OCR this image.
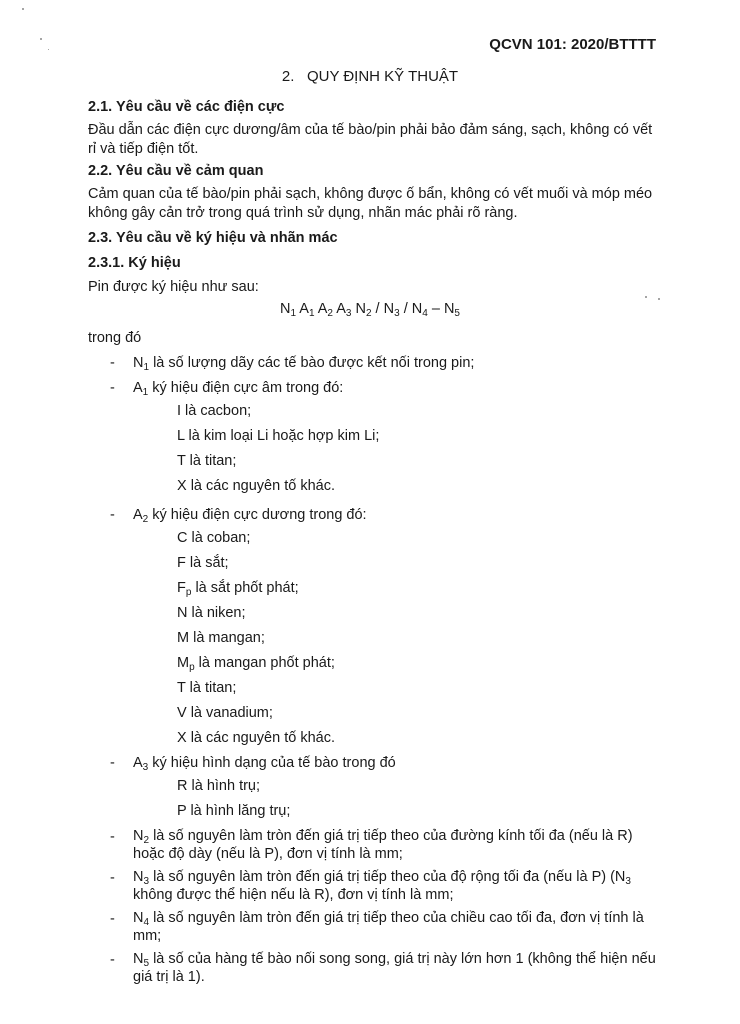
QCVN 101: 2020/BTTTT
2. QUY ĐỊNH KỸ THUẬT
2.1. Yêu cầu về các điện cực
Đầu dẫn các điện cực dương/âm của tế bào/pin phải bảo đảm sáng, sạch, không có vết rỉ và tiếp điện tốt.
2.2. Yêu cầu về cảm quan
Cảm quan của tế bào/pin phải sạch, không được ố bẩn, không có vết muối và móp méo không gây cản trở trong quá trình sử dụng, nhãn mác phải rõ ràng.
2.3. Yêu cầu về ký hiệu và nhãn mác
2.3.1. Ký hiệu
Pin được ký hiệu như sau:
$N_1$ $A_1$ $A_2$ $A_3$ $N_2 / N_3 / N_4 - N_5$
trong đó
- $N_1$ là số lượng dãy các tế bào được kết nối trong pin;
- $A_1$ ký hiệu điện cực âm trong đó:
I là cacbon;
L là kim loại Li hoặc hợp kim Li;
T là titan;
X là các nguyên tố khác.
- $A_2$ ký hiệu điện cực dương trong đó:
C là coban;
F là sắt;
$F_p$ là sắt phốt phát;
N là niken;
M là mangan;
$M_p$ là mangan phốt phát;
T là titan;
V là vanadium;
X là các nguyên tố khác.
- $A_3$ ký hiệu hình dạng của tế bào trong đó
R là hình trụ;
P là hình lăng trụ;
- $N_2$ là số nguyên làm tròn đến giá trị tiếp theo của đường kính tối đa (nếu là R) hoặc độ dày (nếu là P), đơn vị tính là mm;
- $N_3$ là số nguyên làm tròn đến giá trị tiếp theo của độ rộng tối đa (nếu là P) ($N_3$ không được thể hiện nếu là R), đơn vị tính là mm;
- $N_4$ là số nguyên làm tròn đến giá trị tiếp theo của chiều cao tối đa, đơn vị tính là mm;
- $N_5$ là số của hàng tế bào nối song song, giá trị này lớn hơn 1 (không thể hiện nếu giá trị là 1).
